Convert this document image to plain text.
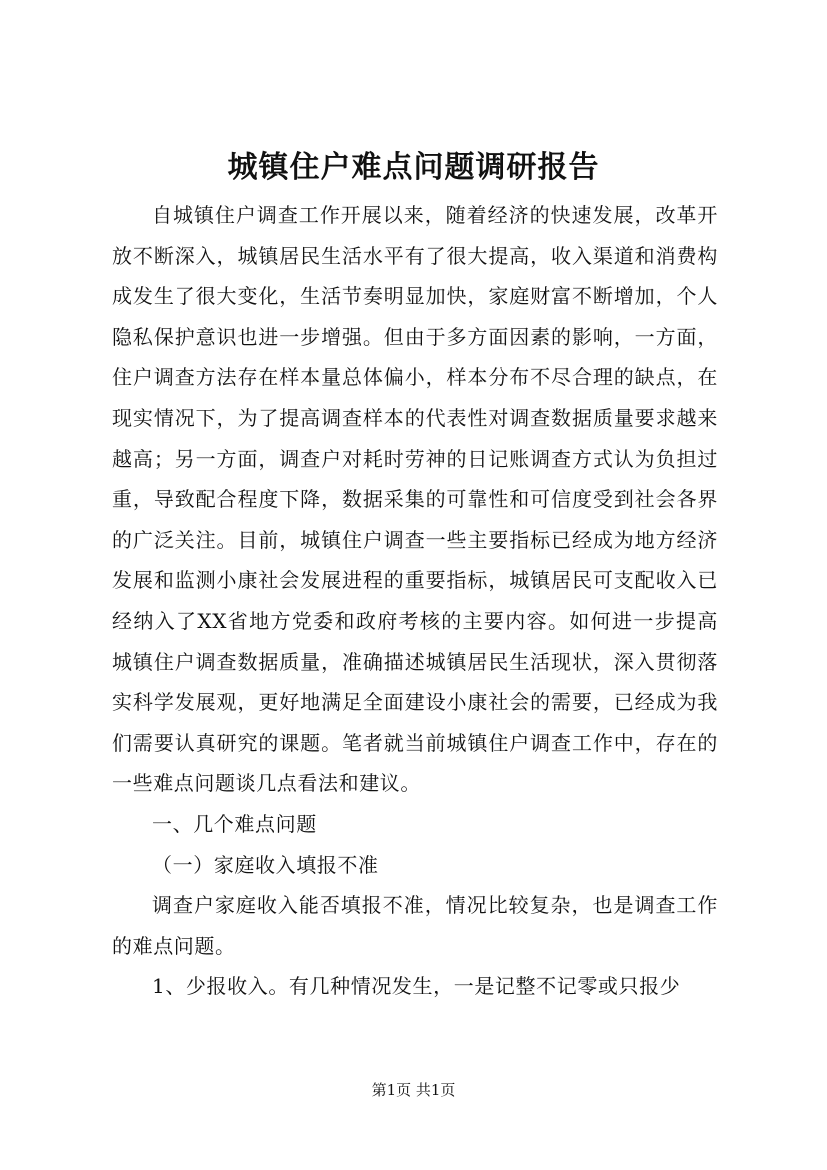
城镇住户难点问题调研报告

自城镇住户调查工作开展以来，随着经济的快速发展，改革开放不断深入，城镇居民生活水平有了很大提高，收入渠道和消费构成发生了很大变化，生活节奏明显加快，家庭财富不断增加，个人隐私保护意识也进一步增强。但由于多方面因素的影响，一方面，住户调查方法存在样本量总体偏小，样本分布不尽合理的缺点，在现实情况下，为了提高调查样本的代表性对调查数据质量要求越来越高；另一方面，调查户对耗时劳神的日记账调查方式认为负担过重，导致配合程度下降，数据采集的可靠性和可信度受到社会各界的广泛关注。目前，城镇住户调查一些主要指标已经成为地方经济发展和监测小康社会发展进程的重要指标，城镇居民可支配收入已经纳入了XX省地方党委和政府考核的主要内容。如何进一步提高城镇住户调查数据质量，准确描述城镇居民生活现状，深入贯彻落实科学发展观，更好地满足全面建设小康社会的需要，已经成为我们需要认真研究的课题。笔者就当前城镇住户调查工作中，存在的一些难点问题谈几点看法和建议。

一、几个难点问题

（一）家庭收入填报不准

调查户家庭收入能否填报不准，情况比较复杂，也是调查工作的难点问题。

1、少报收入。有几种情况发生，一是记整不记零或只报少

第1页 共1页
